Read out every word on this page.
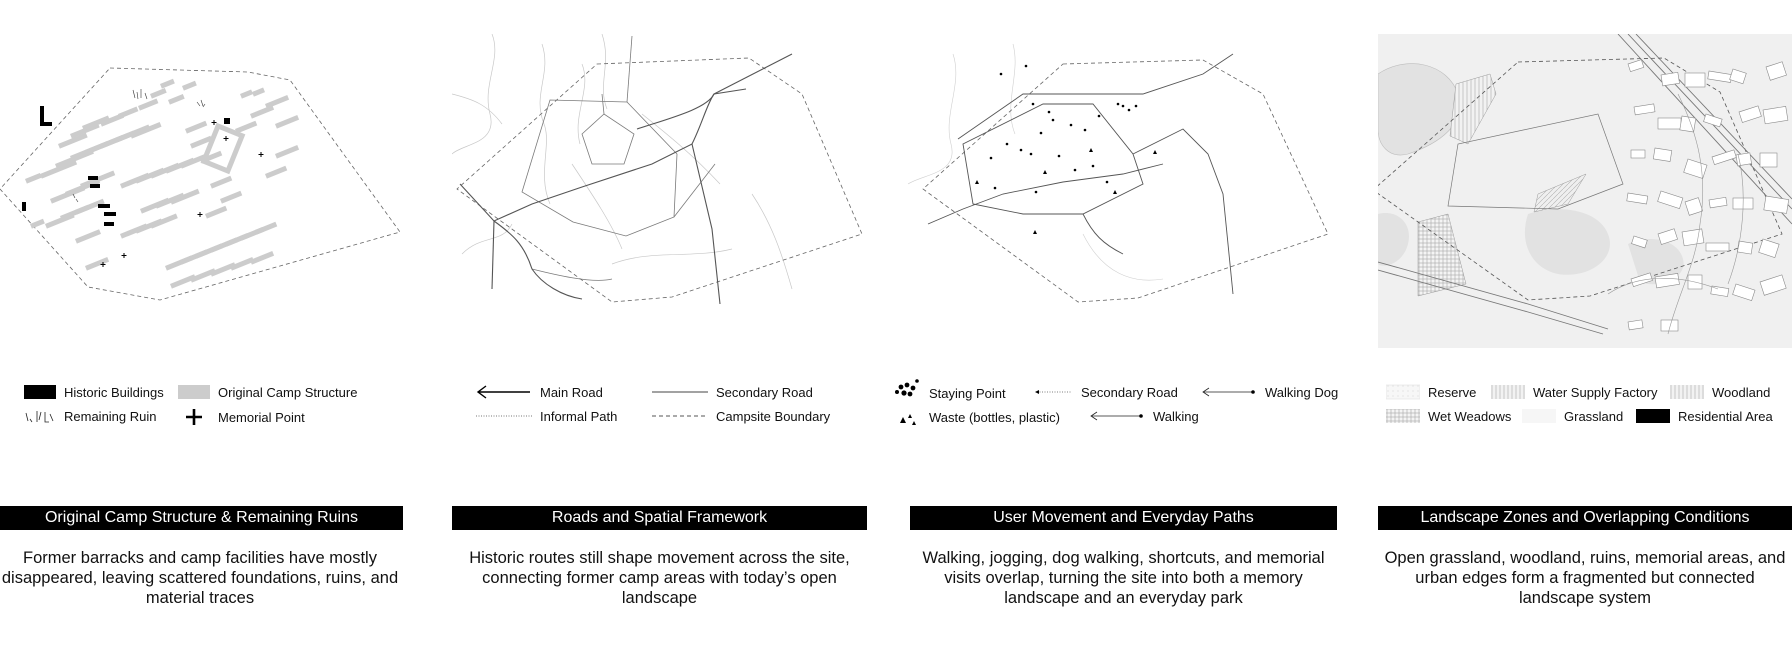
Historic Buildings	Original Camp Structure
Remaining Ruin	Memorial Point
Original Camp Structure & Remaining Ruins
Former barracks and camp facilities have mostly disappeared, leaving scattered foundations, ruins, and material traces
Main Road	Secondary Road
Informal Path	Campsite Boundary
Roads and Spatial Framework
Historic routes still shape movement across the site, connecting former camp areas with today’s open landscape
Staying Point	Secondary Road	Walking Dog
Waste (bottles, plastic)	Walking
User Movement and Everyday Paths
Walking, jogging, dog walking, shortcuts, and memorial visits overlap, turning the site into both a memory landscape and an everyday park
Reserve	Water Supply Factory	Woodland
Wet Weadows	Grassland	Residential Area
Landscape Zones and Overlapping Conditions
Open grassland, woodland, ruins, memorial areas, and urban edges form a fragmented but connected landscape system
